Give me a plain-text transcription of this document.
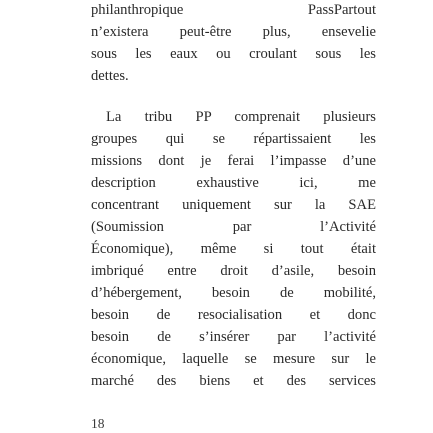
philanthropique PassPartout
n’existera peut-être plus, ensevelie
sous les eaux ou croulant sous les
dettes.
La tribu PP comprenait plusieurs
groupes qui se répartissaient les
missions dont je ferai l’impasse d’une
description exhaustive ici, me
concentrant uniquement sur la SAE
(Soumission par l’Activité
Économique), même si tout était
imbriqué entre droit d’asile, besoin
d’hébergement, besoin de mobilité,
besoin de resocialisation et donc
besoin de s’insérer par l’activité
économique, laquelle se mesure sur le
marché des biens et des services
18
